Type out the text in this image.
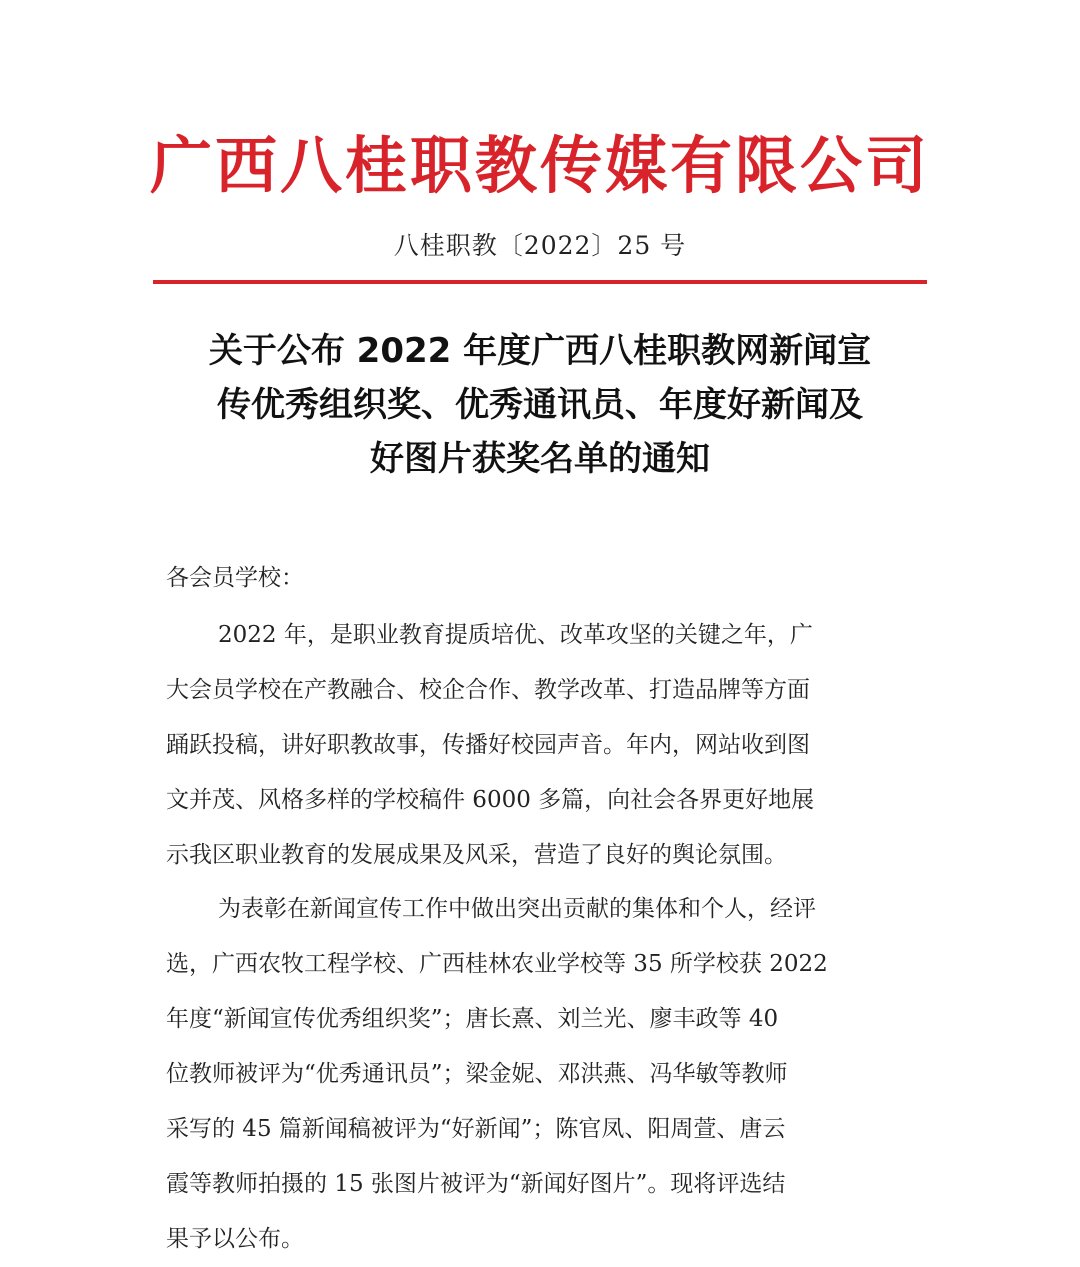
广西八桂职教传媒有限公司
八桂职教〔2022〕25 号
关于公布 2022 年度广西八桂职教网新闻宣
传优秀组织奖、优秀通讯员、年度好新闻及
好图片获奖名单的通知
各会员学校：
2022 年，是职业教育提质培优、改革攻坚的关键之年，广
大会员学校在产教融合、校企合作、教学改革、打造品牌等方面
踊跃投稿，讲好职教故事，传播好校园声音。年内，网站收到图
文并茂、风格多样的学校稿件 6000 多篇，向社会各界更好地展
示我区职业教育的发展成果及风采，营造了良好的舆论氛围。
为表彰在新闻宣传工作中做出突出贡献的集体和个人，经评
选，广西农牧工程学校、广西桂林农业学校等 35 所学校获 2022
年度“新闻宣传优秀组织奖”；唐长熹、刘兰光、廖丰政等 40
位教师被评为“优秀通讯员”；梁金妮、邓洪燕、冯华敏等教师
采写的 45 篇新闻稿被评为“好新闻”；陈官凤、阳周萱、唐云
霞等教师拍摄的 15 张图片被评为“新闻好图片”。现将评选结
果予以公布。
